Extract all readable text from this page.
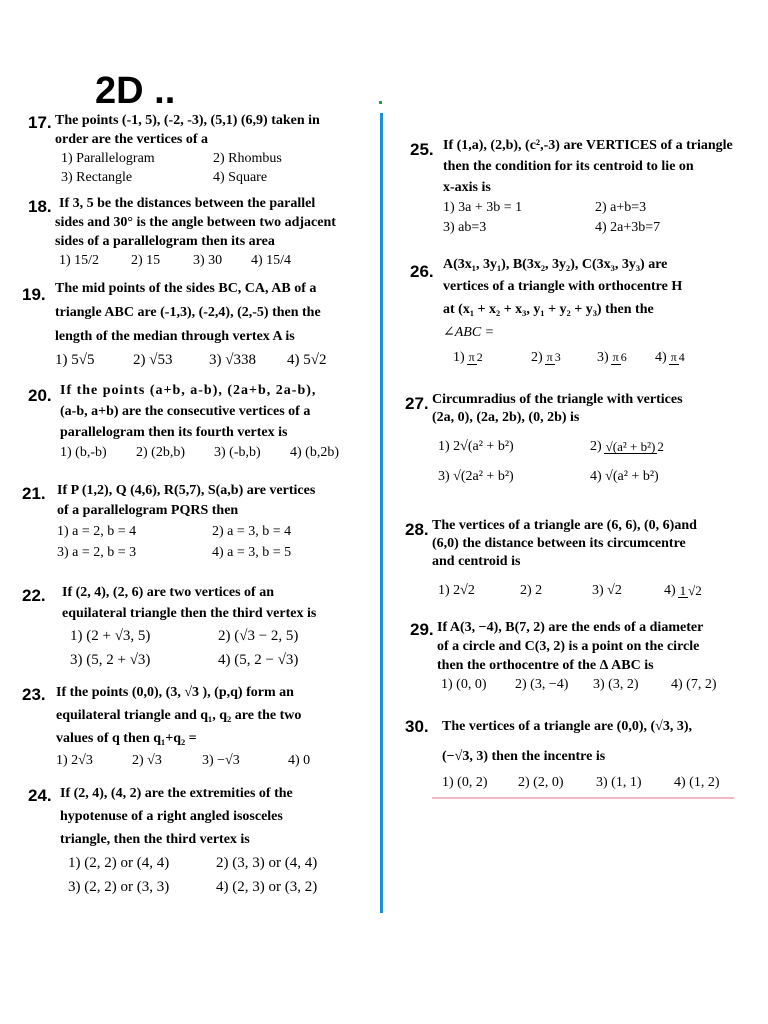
2D ..
17. The points (-1, 5), (-2, -3), (5,1) (6,9) taken in
order are the vertices of a
1) Parallelogram	2) Rhombus
3) Rectangle	4) Square
18. If 3, 5 be the distances between the parallel
sides and 30° is the angle between two adjacent
sides of a parallelogram then its area
1) 15/2	2) 15	3) 30	4) 15/4
19. The mid points of the sides BC, CA, AB of a
triangle ABC are (-1,3), (-2,4), (2,-5) then the
length of the median through vertex A is
1) 5√5	2) √53	3) √338	4) 5√2
20. If the points (a+b, a-b), (2a+b, 2a-b),
(a-b, a+b) are the consecutive vertices of a
parallelogram then its fourth vertex is
1) (b,-b)	2) (2b,b)	3) (-b,b)	4) (b,2b)
21. If P (1,2), Q (4,6), R(5,7), S(a,b) are vertices
of a parallelogram PQRS then
1) a = 2, b = 4	2) a = 3, b = 4
3) a = 2, b = 3	4) a = 3, b = 5
22. If (2, 4), (2, 6) are two vertices of an
equilateral triangle then the third vertex is
1) (2 + √3, 5)	2) (√3 − 2, 5)
3) (5, 2 + √3)	4) (5, 2 − √3)
23. If the points (0,0), (3, √3 ), (p,q) form an
equilateral triangle and q₁, q₂ are the two
values of q then q₁+q₂ =
1) 2√3	2) √3	3) −√3	4) 0
24. If (2, 4), (4, 2) are the extremities of the
hypotenuse of a right angled isosceles
triangle, then the third vertex is
1) (2, 2) or (4, 4)	2) (3, 3) or (4, 4)
3) (2, 2) or (3, 3)	4) (2, 3) or (3, 2)
25. If (1,a), (2,b), (c²,-3) are VERTICES of a triangle
then the condition for its centroid to lie on
x-axis is
1) 3a + 3b = 1	2) a+b=3
3) ab=3	4) 2a+3b=7
26. A(3x₁, 3y₁), B(3x₂, 3y₂), C(3x₃, 3y₃) are
vertices of a triangle with orthocentre H
at (x₁ + x₂ + x₃, y₁ + y₂ + y₃) then the
∠ABC =
1) π 2	2) π 3	3) π 6	4) π 4
27. Circumradius of the triangle with vertices
(2a, 0), (2a, 2b), (0, 2b) is
1) 2√(a² + b²)	2) √(a² + b²) 2
3) √(2a² + b²)	4) √(a² + b²)
28. The vertices of a triangle are (6, 6), (0, 6)and
(6,0) the distance between its circumcentre
and centroid is
1) 2√2	2) 2	3) √2	4) 1 √2
29. If A(3, −4), B(7, 2) are the ends of a diameter
of a circle and C(3, 2) is a point on the circle
then the orthocentre of the Δ ABC is
1) (0, 0)	2) (3, −4)	3) (3, 2)	4) (7, 2)
30. The vertices of a triangle are (0,0), (√3, 3),
(−√3, 3) then the incentre is
1) (0, 2)	2) (2, 0)	3) (1, 1)	4) (1, 2)
